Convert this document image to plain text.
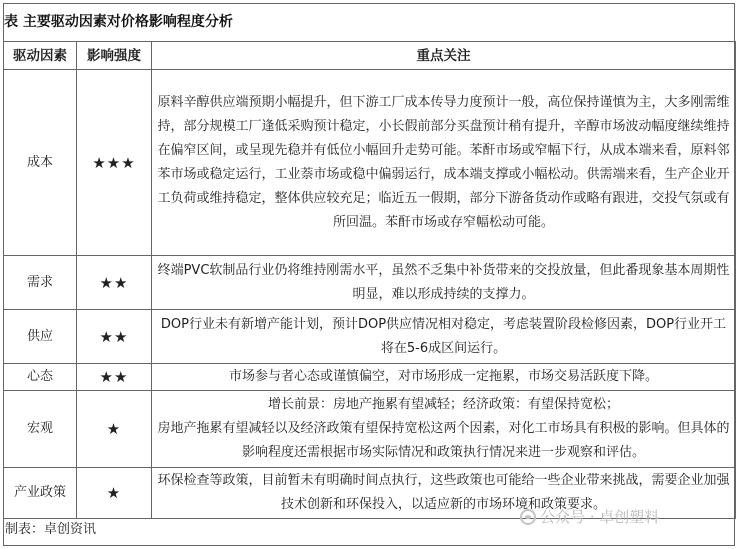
表 主要驱动因素对价格影响程度分析
驱动因素	影响强度	重点关注
成本	★★★	原料辛醇供应端预期小幅提升，但下游工厂成本传导力度预计一般，高位保持谨慎为主，大多刚需维持，部分规模工厂逢低采购预计稳定，小长假前部分买盘预计稍有提升，辛醇市场波动幅度继续维持在偏窄区间，或呈现先稳并有低位小幅回升走势可能。苯酐市场或窄幅下行，从成本端来看，原料邻苯市场或稳定运行，工业萘市场或稳中偏弱运行，成本端支撑或小幅松动。供需端来看，生产企业开工负荷或维持稳定，整体供应较充足；临近五一假期，部分下游备货动作或略有跟进，交投气氛或有所回温。苯酐市场或存窄幅松动可能。
需求	★★	终端PVC软制品行业仍将维持刚需水平，虽然不乏集中补货带来的交投放量，但此番现象基本周期性明显，难以形成持续的支撑力。
供应	★★	DOP行业未有新增产能计划，预计DOP供应情况相对稳定，考虑装置阶段检修因素，DOP行业开工将在5-6成区间运行。
心态	★★	市场参与者心态或谨慎偏空，对市场形成一定拖累，市场交易活跃度下降。
宏观	★	增长前景：房地产拖累有望减轻；经济政策：有望保持宽松；
房地产拖累有望减轻以及经济政策有望保持宽松这两个因素，对化工市场具有积极的影响。但具体的影响程度还需根据市场实际情况和政策执行情况来进一步观察和评估。

产业政策	★	环保检查等政策，目前暂未有明确时间点执行，这些政策也可能给一些企业带来挑战，需要企业加强技术创新和环保投入，以适应新的市场环境和政策要求。
制表：卓创资讯
公众号 · 卓创塑料
